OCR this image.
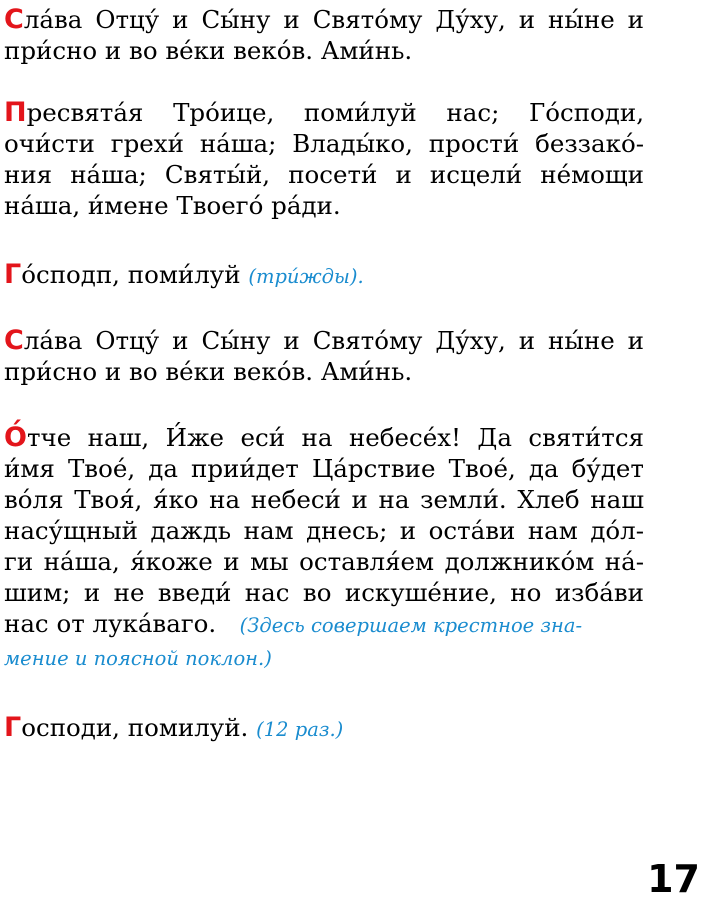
Сла́ва Отцу́ и Сы́ну и Свято́му Ду́ху, и ны́не и
при́сно и во ве́ки веко́в. Ами́нь.

Пресвята́я Тро́ице, поми́луй нас; Го́споди,
очи́сти грехи́ на́ша; Влады́ко, прости́ беззако́-
ния на́ша; Святы́й, посети́ и исцели́ не́мощи
на́ша, и́мене Твоего́ ра́ди.

Го́сподп, поми́луй (три́жды).

Сла́ва Отцу́ и Сы́ну и Свято́му Ду́ху, и ны́не и
при́сно и во ве́ки веко́в. Ами́нь.

О́тче наш, И́же еси́ на небесе́х! Да святи́тся
и́мя Твое́, да прии́дет Ца́рствие Твое́, да бу́дет
во́ля Твоя́, я́ко на небеси́ и на земли́. Хлеб наш
насу́щный даждь нам днесь; и оста́ви нам до́л-
ги на́ша, я́коже и мы оставля́ем должнико́м на́-
шим; и не введи́ нас во искуше́ние, но изба́ви
нас от лука́ваго. (Здесь совершаем крестное зна-
мение и поясной поклон.)

Господи, помилуй. (12 раз.)

17
